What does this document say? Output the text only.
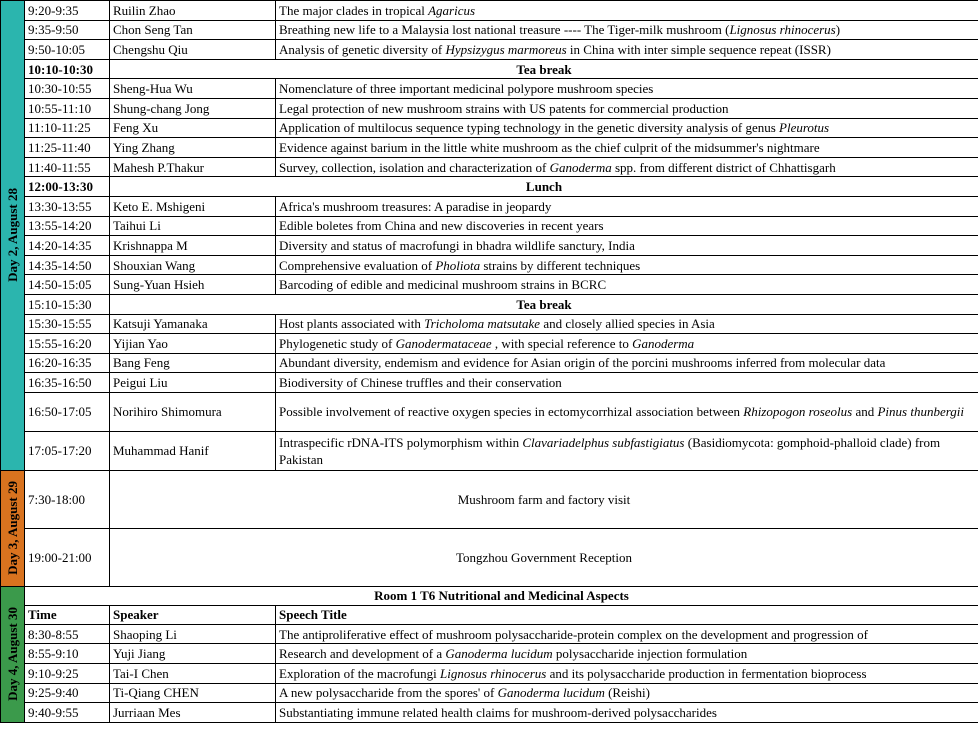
Day 2, August 28	9:20-9:35	Ruilin Zhao	The major clades in tropical Agaricus
	9:35-9:50	Chon Seng Tan	Breathing new life to a Malaysia lost national treasure ---- The Tiger-milk mushroom (Lignosus rhinocerus)
	9:50-10:05	Chengshu Qiu	Analysis of genetic diversity of Hypsizygus marmoreus in China with inter simple sequence repeat (ISSR)
	10:10-10:30	Tea break	
	10:30-10:55	Sheng-Hua Wu	Nomenclature of three important medicinal polypore mushroom species
	10:55-11:10	Shung-chang Jong	Legal protection of new mushroom strains with US patents for commercial production
	11:10-11:25	Feng Xu	Application of multilocus sequence typing technology in the genetic diversity analysis of genus Pleurotus
	11:25-11:40	Ying Zhang	Evidence against barium in the little white mushroom as the chief culprit of the midsummer's nightmare
	11:40-11:55	Mahesh P.Thakur	Survey, collection, isolation and characterization of Ganoderma spp. from different district of Chhattisgarh
	12:00-13:30	Lunch	
	13:30-13:55	Keto E. Mshigeni	Africa's mushroom treasures: A paradise in jeopardy
	13:55-14:20	Taihui Li	Edible boletes from China and new discoveries in recent years
	14:20-14:35	Krishnappa M	Diversity and status of macrofungi in bhadra wildlife sanctury, India
	14:35-14:50	Shouxian Wang	Comprehensive evaluation of Pholiota strains by different techniques
	14:50-15:05	Sung-Yuan Hsieh	Barcoding of edible and medicinal mushroom strains in BCRC
	15:10-15:30	Tea break	
	15:30-15:55	Katsuji Yamanaka	Host plants associated with Tricholoma matsutake and closely allied species in Asia
	15:55-16:20	Yijian Yao	Phylogenetic study of Ganodermataceae , with special reference to Ganoderma
	16:20-16:35	Bang Feng	Abundant diversity, endemism and evidence for Asian origin of the porcini mushrooms inferred from molecular data
	16:35-16:50	Peigui Liu	Biodiversity of Chinese truffles and their conservation
	16:50-17:05	Norihiro Shimomura	Possible involvement of reactive oxygen species in ectomycorrhizal association between Rhizopogon roseolus and Pinus thunbergii
	17:05-17:20	Muhammad Hanif	Intraspecific rDNA-ITS polymorphism within Clavariadelphus subfastigiatus (Basidiomycota: gomphoid-phalloid clade) from Pakistan

Day 3, August 29	7:30-18:00	Mushroom farm and factory visit	
	19:00-21:00	Tongzhou Government Reception	

Day 4, August 30	Room 1 T6 Nutritional and Medicinal Aspects		
	Time	Speaker	Speech Title
	8:30-8:55	Shaoping Li	The antiproliferative effect of mushroom polysaccharide-protein complex on the development and progression of
	8:55-9:10	Yuji Jiang	Research and development of a Ganoderma lucidum polysaccharide injection formulation
	9:10-9:25	Tai-I Chen	Exploration of the macrofungi Lignosus rhinocerus and its polysaccharide production in fermentation bioprocess
	9:25-9:40	Ti-Qiang CHEN	A new polysaccharide from the spores' of Ganoderma lucidum (Reishi)
	9:40-9:55	Jurriaan Mes	Substantiating immune related health claims for mushroom-derived polysaccharides
